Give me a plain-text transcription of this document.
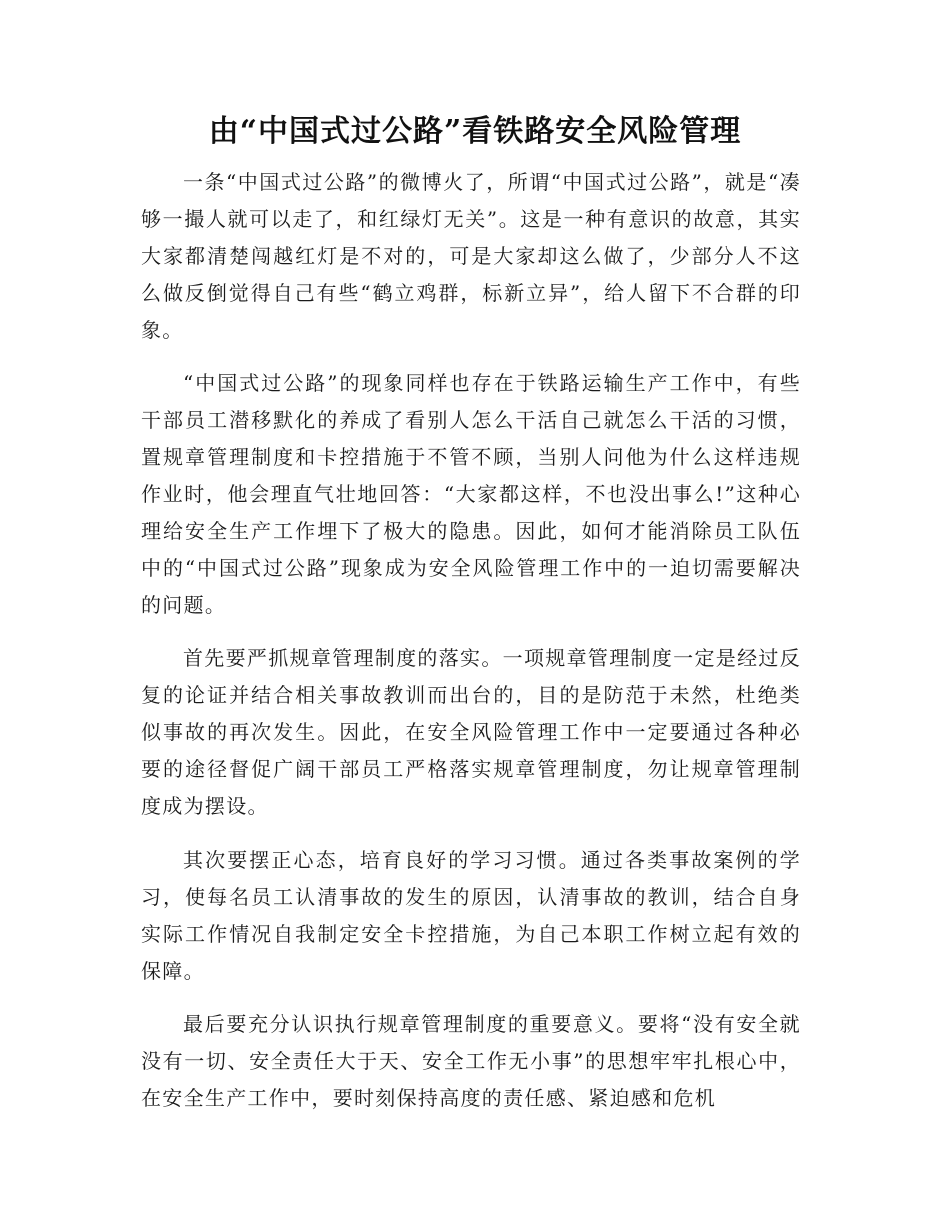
由“中国式过公路”看铁路安全风险管理

一条“中国式过公路”的微博火了，所谓“中国式过公路”，就是“凑够一撮人就可以走了，和红绿灯无关”。这是一种有意识的故意，其实大家都清楚闯越红灯是不对的，可是大家却这么做了，少部分人不这么做反倒觉得自己有些“鹤立鸡群，标新立异”，给人留下不合群的印象。

“中国式过公路”的现象同样也存在于铁路运输生产工作中，有些干部员工潜移默化的养成了看别人怎么干活自己就怎么干活的习惯，置规章管理制度和卡控措施于不管不顾，当别人问他为什么这样违规作业时，他会理直气壮地回答：“大家都这样，不也没出事么!”这种心理给安全生产工作埋下了极大的隐患。因此，如何才能消除员工队伍中的“中国式过公路”现象成为安全风险管理工作中的一迫切需要解决的问题。

首先要严抓规章管理制度的落实。一项规章管理制度一定是经过反复的论证并结合相关事故教训而出台的，目的是防范于未然，杜绝类似事故的再次发生。因此，在安全风险管理工作中一定要通过各种必要的途径督促广阔干部员工严格落实规章管理制度，勿让规章管理制度成为摆设。

其次要摆正心态，培育良好的学习习惯。通过各类事故案例的学习，使每名员工认清事故的发生的原因，认清事故的教训，结合自身实际工作情况自我制定安全卡控措施，为自己本职工作树立起有效的保障。

最后要充分认识执行规章管理制度的重要意义。要将“没有安全就没有一切、安全责任大于天、安全工作无小事”的思想牢牢扎根心中，在安全生产工作中，要时刻保持高度的责任感、紧迫感和危机
